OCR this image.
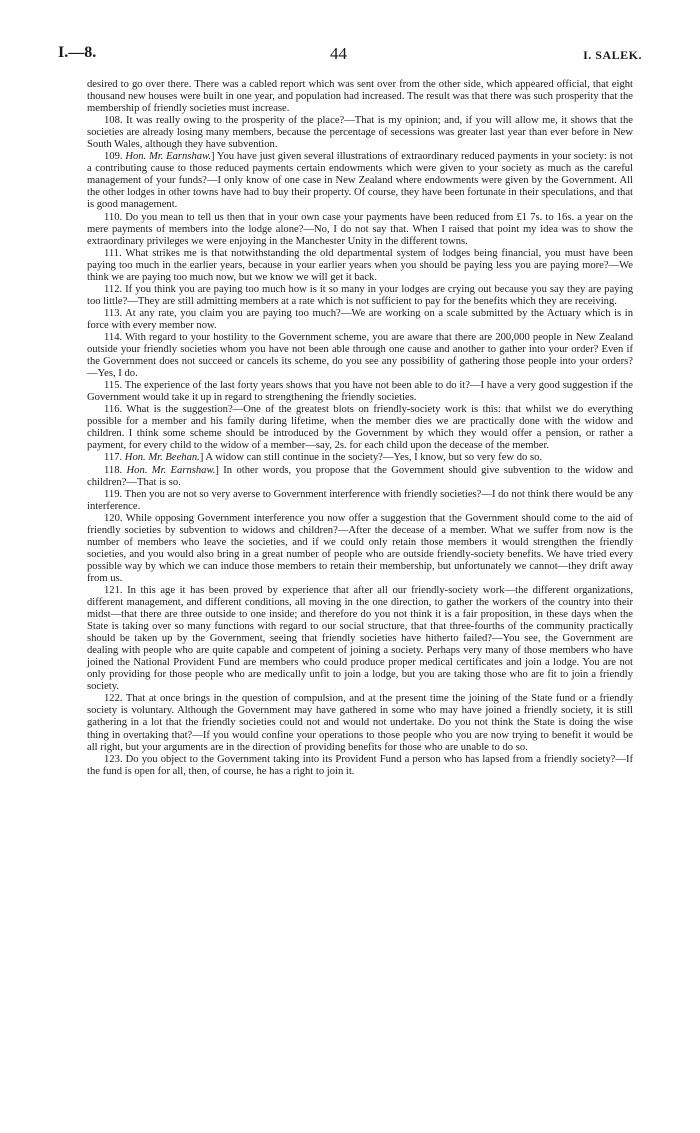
I.—8.	44	I. SALEK.

desired to go over there. There was a cabled report which was sent over from the other side, which appeared official, that eight thousand new houses were built in one year, and population had increased. The result was that there was such prosperity that the membership of friendly societies must increase.

108. It was really owing to the prosperity of the place?—That is my opinion; and, if you will allow me, it shows that the societies are already losing many members, because the percentage of secessions was greater last year than ever before in New South Wales, although they have subvention.

109. Hon. Mr. Earnshaw.] You have just given several illustrations of extraordinary reduced payments in your society: is not a contributing cause to those reduced payments certain endowments which were given to your society as much as the careful management of your funds?—I only know of one case in New Zealand where endowments were given by the Government. All the other lodges in other towns have had to buy their property. Of course, they have been fortunate in their speculations, and that is good management.

110. Do you mean to tell us then that in your own case your payments have been reduced from £1 7s. to 16s. a year on the mere payments of members into the lodge alone?—No, I do not say that. When I raised that point my idea was to show the extraordinary privileges we were enjoying in the Manchester Unity in the different towns.

111. What strikes me is that notwithstanding the old departmental system of lodges being financial, you must have been paying too much in the earlier years, because in your earlier years when you should be paying less you are paying more?—We think we are paying too much now, but we know we will get it back.

112. If you think you are paying too much how is it so many in your lodges are crying out because you say they are paying too little?—They are still admitting members at a rate which is not sufficient to pay for the benefits which they are receiving.

113. At any rate, you claim you are paying too much?—We are working on a scale submitted by the Actuary which is in force with every member now.

114. With regard to your hostility to the Government scheme, you are aware that there are 200,000 people in New Zealand outside your friendly societies whom you have not been able through one cause and another to gather into your order? Even if the Government does not succeed or cancels its scheme, do you see any possibility of gathering those people into your orders?—Yes, I do.

115. The experience of the last forty years shows that you have not been able to do it?—I have a very good suggestion if the Government would take it up in regard to strengthening the friendly societies.

116. What is the suggestion?—One of the greatest blots on friendly-society work is this: that whilst we do everything possible for a member and his family during lifetime, when the member dies we are practically done with the widow and children. I think some scheme should be introduced by the Government by which they would offer a pension, or rather a payment, for every child to the widow of a member—say, 2s. for each child upon the decease of the member.

117. Hon. Mr. Beehan.] A widow can still continue in the society?—Yes, I know, but so very few do so.

118. Hon. Mr. Earnshaw.] In other words, you propose that the Government should give subvention to the widow and children?—That is so.

119. Then you are not so very averse to Government interference with friendly societies?—I do not think there would be any interference.

120. While opposing Government interference you now offer a suggestion that the Government should come to the aid of friendly societies by subvention to widows and children?—After the decease of a member. What we suffer from now is the number of members who leave the societies, and if we could only retain those members it would strengthen the friendly societies, and you would also bring in a great number of people who are outside friendly-society benefits. We have tried every possible way by which we can induce those members to retain their membership, but unfortunately we cannot—they drift away from us.

121. In this age it has been proved by experience that after all our friendly-society work—the different organizations, different management, and different conditions, all moving in the one direction, to gather the workers of the country into their midst—that there are three outside to one inside; and therefore do you not think it is a fair proposition, in these days when the State is taking over so many functions with regard to our social structure, that that three-fourths of the community practically should be taken up by the Government, seeing that friendly societies have hitherto failed?—You see, the Government are dealing with people who are quite capable and competent of joining a society. Perhaps very many of those members who have joined the National Provident Fund are members who could produce proper medical certificates and join a lodge. You are not only providing for those people who are medically unfit to join a lodge, but you are taking those who are fit to join a friendly society.

122. That at once brings in the question of compulsion, and at the present time the joining of the State fund or a friendly society is voluntary. Although the Government may have gathered in some who may have joined a friendly society, it is still gathering in a lot that the friendly societies could not and would not undertake. Do you not think the State is doing the wise thing in overtaking that?—If you would confine your operations to those people who you are now trying to benefit it would be all right, but your arguments are in the direction of providing benefits for those who are unable to do so.

123. Do you object to the Government taking into its Provident Fund a person who has lapsed from a friendly society?—If the fund is open for all, then, of course, he has a right to join it.
